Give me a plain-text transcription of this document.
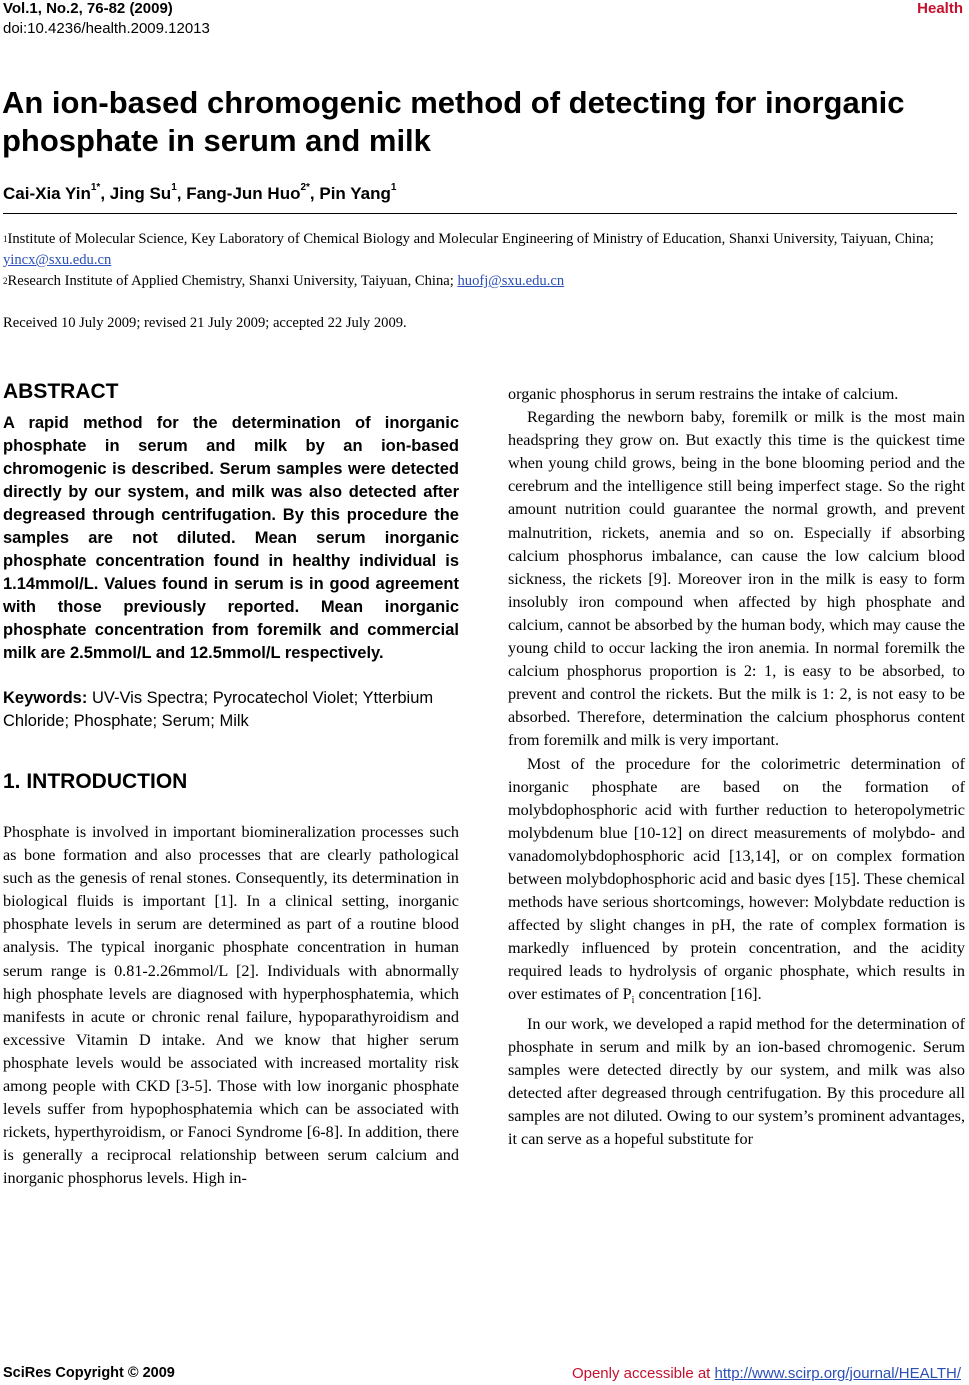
Vol.1, No.2, 76-82 (2009)
doi:10.4236/health.2009.12013
Health
An ion-based chromogenic method of detecting for inorganic phosphate in serum and milk
Cai-Xia Yin$^{1*}$, Jing Su$^1$, Fang-Jun Huo$^{2*}$, Pin Yang$^1$
$^1$Institute of Molecular Science, Key Laboratory of Chemical Biology and Molecular Engineering of Ministry of Education, Shanxi University, Taiyuan, China; yincx@sxu.edu.cn
$^2$Research Institute of Applied Chemistry, Shanxi University, Taiyuan, China; huofj@sxu.edu.cn
Received 10 July 2009; revised 21 July 2009; accepted 22 July 2009.
ABSTRACT

A rapid method for the determination of inorganic phosphate in serum and milk by an ion-based chromogenic is described. Serum samples were detected directly by our system, and milk was also detected after degreased through centrifugation. By this procedure the samples are not diluted. Mean serum inorganic phosphate concentration found in healthy individual is 1.14mmol/L. Values found in serum is in good agreement with those previously reported. Mean inorganic phosphate concentration from foremilk and commercial milk are 2.5mmol/L and 12.5mmol/L respectively.

Keywords: UV-Vis Spectra; Pyrocatechol Violet; Ytterbium Chloride; Phosphate; Serum; Milk

1. INTRODUCTION

Phosphate is involved in important biomineralization processes such as bone formation and also processes that are clearly pathological such as the genesis of renal stones. Consequently, its determination in biological fluids is important [1]. In a clinical setting, inorganic phosphate levels in serum are determined as part of a routine blood analysis. The typical inorganic phosphate concentration in human serum range is 0.81-2.26mmol/L [2]. Individuals with abnormally high phosphate levels are diagnosed with hyperphosphatemia, which manifests in acute or chronic renal failure, hypoparathyroidism and excessive Vitamin D intake. And we know that higher serum phosphate levels would be associated with increased mortality risk among people with CKD [3-5]. Those with low inorganic phosphate levels suffer from hypophosphatemia which can be associated with rickets, hyperthyroidism, or Fanoci Syndrome [6-8]. In addition, there is generally a reciprocal relationship between serum calcium and inorganic phosphorus levels. High in-

organic phosphorus in serum restrains the intake of calcium.

Regarding the newborn baby, foremilk or milk is the most main headspring they grow on. But exactly this time is the quickest time when young child grows, being in the bone blooming period and the cerebrum and the intelligence still being imperfect stage. So the right amount nutrition could guarantee the normal growth, and prevent malnutrition, rickets, anemia and so on. Especially if absorbing calcium phosphorus imbalance, can cause the low calcium blood sickness, the rickets [9]. Moreover iron in the milk is easy to form insolubly iron compound when affected by high phosphate and calcium, cannot be absorbed by the human body, which may cause the young child to occur lacking the iron anemia. In normal foremilk the calcium phosphorus proportion is 2: 1, is easy to be absorbed, to prevent and control the rickets. But the milk is 1: 2, is not easy to be absorbed. Therefore, determination the calcium phosphorus content from foremilk and milk is very important.

Most of the procedure for the colorimetric determination of inorganic phosphate are based on the formation of molybdophosphoric acid with further reduction to heteropolymetric molybdenum blue [10-12] on direct measurements of molybdo- and vanadomolybdophosphoric acid [13,14], or on complex formation between molybdophosphoric acid and basic dyes [15]. These chemical methods have serious shortcomings, however: Molybdate reduction is affected by slight changes in pH, the rate of complex formation is markedly influenced by protein concentration, and the acidity required leads to hydrolysis of organic phosphate, which results in over estimates of $P_i$ concentration [16].

In our work, we developed a rapid method for the determination of phosphate in serum and milk by an ion-based chromogenic. Serum samples were detected directly by our system, and milk was also detected after degreased through centrifugation. By this procedure all samples are not diluted. Owing to our system’s prominent advantages, it can serve as a hopeful substitute for

SciRes Copyright © 2009	Openly accessible at http://www.scirp.org/journal/HEALTH/
